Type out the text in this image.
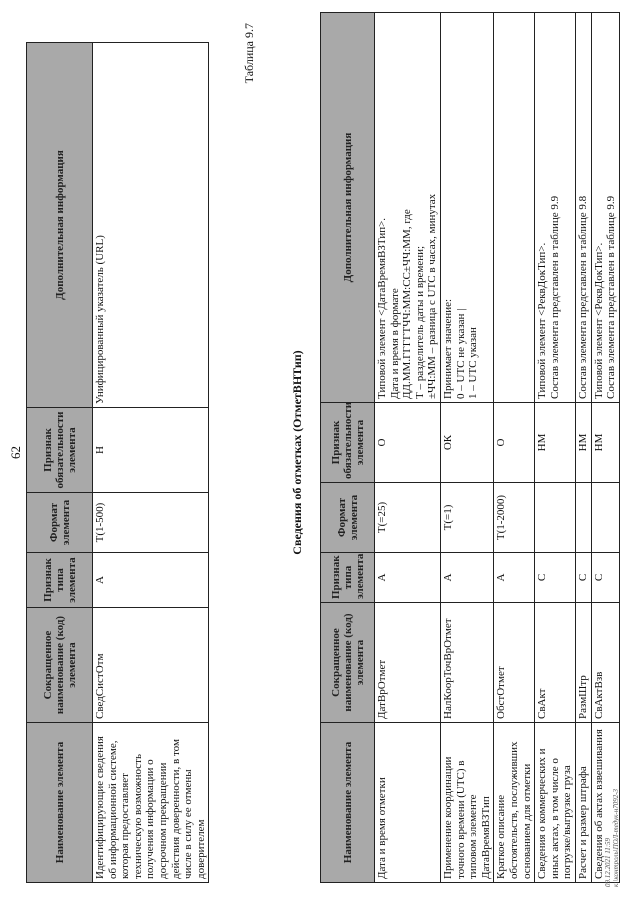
62
Наименование элемента	Сокращенное наименование (код) элемента	Признак типа элемента	Формат элемента	Признак обязательности элемента	Дополнительная информация
Идентифицирующие сведения об информационной системе, которая предоставляет техническую возможность получения информации о досрочном прекращении действия доверенности, в том числе в силу ее отмены доверителем	СведСистОтм	А	T(1-500)	Н	Унифицированный указатель (URL)
Таблица 9.7
Сведения об отметках (ОтметВНТип)
Наименование элемента	Сокращенное наименование (код) элемента	Признак типа элемента	Формат элемента	Признак обязательности элемента	Дополнительная информация
Дата и время отметки	ДатВрОтмет	А	T(=25)	О	Типовой элемент <ДатаВремяВЗТип>. Дата и время в формате ДД.ММ.ГГГГТЧЧ:ММ:СС±ЧЧ:ММ, где Т – разделитель даты и времени; ±ЧЧ:ММ – разница с UTC в часах, минутах

Применение координации точного времени (UTC) в типовом элементе ДатаВремяВЗТип	НалКоорТочВрОтмет	А	T(=1)	ОК	Принимает значение: 0 – UTC не указан | 1 – UTC указан

Краткое описание обстоятельств, послуживших основанием для отметки	ОбстОтмет	А	T(1-2000)	О	

Сведения о коммерческих и иных актах, в том числе о погрузке/выгрузке груза	СвАкт	С		НМ	Типовой элемент <РеквДокТип>. Состав элемента представлен в таблице 9.9

Расчет и размер штрафа	РазмШтр	С		НМ	Состав элемента представлен в таблице 9.8

Сведения об актах взвешивания	СвАктВзв	С		НМ	Типовой элемент <РеквДокТип>. Состав элемента представлен в таблице 9.9
09.12.2021 11:59 к:\контроль\ПОЛ-тедук-н7092-3
